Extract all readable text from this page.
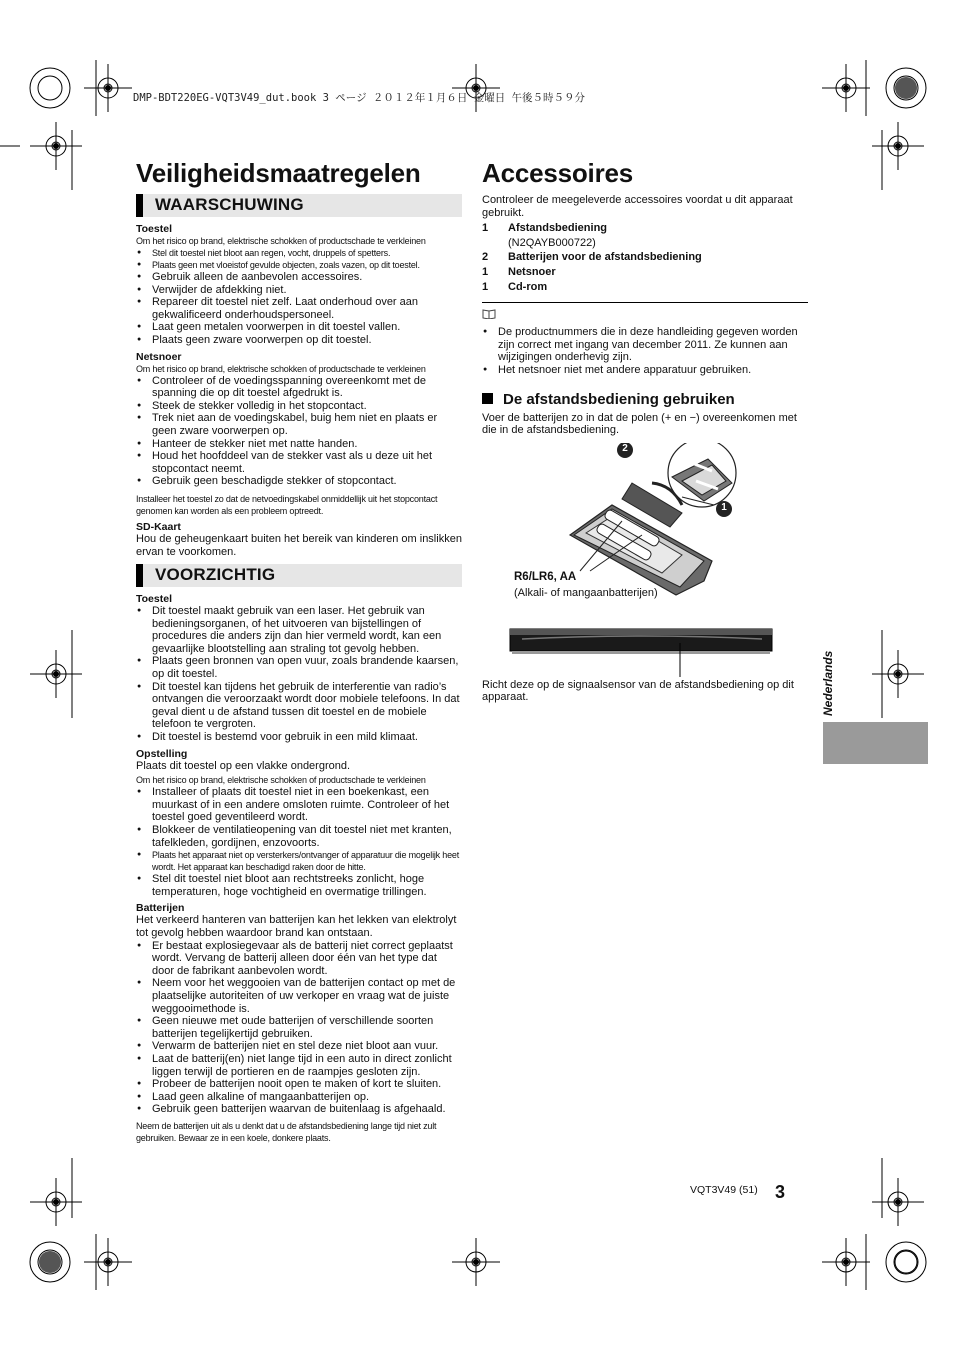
DMP-BDT220EG-VQT3V49_dut.book 3 ページ ２０１２年１月６日 金曜日 午後５時５９分
Veiligheidsmaatregelen
WAARSCHUWING
Toestel
Om het risico op brand, elektrische schokken of productschade te verkleinen
● Stel dit toestel niet bloot aan regen, vocht, druppels of spetters.
● Plaats geen met vloeistof gevulde objecten, zoals vazen, op dit toestel.
● Gebruik alleen de aanbevolen accessoires.
● Verwijder de afdekking niet.
● Repareer dit toestel niet zelf. Laat onderhoud over aan gekwalificeerd onderhoudspersoneel.
● Laat geen metalen voorwerpen in dit toestel vallen.
● Plaats geen zware voorwerpen op dit toestel.
Netsnoer
Om het risico op brand, elektrische schokken of productschade te verkleinen
● Controleer of de voedingsspanning overeenkomt met de spanning die op dit toestel afgedrukt is.
● Steek de stekker volledig in het stopcontact.
● Trek niet aan de voedingskabel, buig hem niet en plaats er geen zware voorwerpen op.
● Hanteer de stekker niet met natte handen.
● Houd het hoofddeel van de stekker vast als u deze uit het stopcontact neemt.
● Gebruik geen beschadigde stekker of stopcontact.
Installeer het toestel zo dat de netvoedingskabel onmiddellijk uit het stopcontact genomen kan worden als een probleem optreedt.
SD-Kaart
Hou de geheugenkaart buiten het bereik van kinderen om inslikken ervan te voorkomen.
VOORZICHTIG
Toestel
● Dit toestel maakt gebruik van een laser. Het gebruik van bedieningsorganen, of het uitvoeren van bijstellingen of procedures die anders zijn dan hier vermeld wordt, kan een gevaarlijke blootstelling aan straling tot gevolg hebben.
● Plaats geen bronnen van open vuur, zoals brandende kaarsen, op dit toestel.
● Dit toestel kan tijdens het gebruik de interferentie van radio’s ontvangen die veroorzaakt wordt door mobiele telefoons. In dat geval dient u de afstand tussen dit toestel en de mobiele telefoon te vergroten.
● Dit toestel is bestemd voor gebruik in een mild klimaat.
Opstelling
Plaats dit toestel op een vlakke ondergrond.
Om het risico op brand, elektrische schokken of productschade te verkleinen
● Installeer of plaats dit toestel niet in een boekenkast, een muurkast of in een andere omsloten ruimte. Controleer of het toestel goed geventileerd wordt.
● Blokkeer de ventilatieopening van dit toestel niet met kranten, tafelkleden, gordijnen, enzovoorts.
● Plaats het apparaat niet op versterkers/ontvanger of apparatuur die mogelijk heet wordt. Het apparaat kan beschadigd raken door de hitte.
● Stel dit toestel niet bloot aan rechtstreeks zonlicht, hoge temperaturen, hoge vochtigheid en overmatige trillingen.
Batterijen
Het verkeerd hanteren van batterijen kan het lekken van elektrolyt tot gevolg hebben waardoor brand kan ontstaan.
● Er bestaat explosiegevaar als de batterij niet correct geplaatst wordt. Vervang de batterij alleen door één van het type dat door de fabrikant aanbevolen wordt.
● Neem voor het weggooien van de batterijen contact op met de plaatselijke autoriteiten of uw verkoper en vraag wat de juiste weggooimethode is.
● Geen nieuwe met oude batterijen of verschillende soorten batterijen tegelijkertijd gebruiken.
● Verwarm de batterijen niet en stel deze niet bloot aan vuur.
● Laat de batterij(en) niet lange tijd in een auto in direct zonlicht liggen terwijl de portieren en de raampjes gesloten zijn.
● Probeer de batterijen nooit open te maken of kort te sluiten.
● Laad geen alkaline of mangaanbatterijen op.
● Gebruik geen batterijen waarvan de buitenlaag is afgehaald.
Neem de batterijen uit als u denkt dat u de afstandsbediening lange tijd niet zult gebruiken. Bewaar ze in een koele, donkere plaats.
Accessoires
Controleer de meegeleverde accessoires voordat u dit apparaat gebruikt.
1	Afstandsbediening
(N2QAYB000722)
2	Batterijen voor de afstandsbediening
1	Netsnoer
1	Cd-rom
● De productnummers die in deze handleiding gegeven worden zijn correct met ingang van december 2011. Ze kunnen aan wijzigingen onderhevig zijn.
● Het netsnoer niet met andere apparatuur gebruiken.
De afstandsbediening gebruiken
Voer de batterijen zo in dat de polen (+ en −) overeenkomen met die in de afstandsbediening.
2
1
R6/LR6, AA
(Alkali- of mangaanbatterijen)
Richt deze op de signaalsensor van de afstandsbediening op dit apparaat.	Nederlands
VQT3V49 (51) 3
